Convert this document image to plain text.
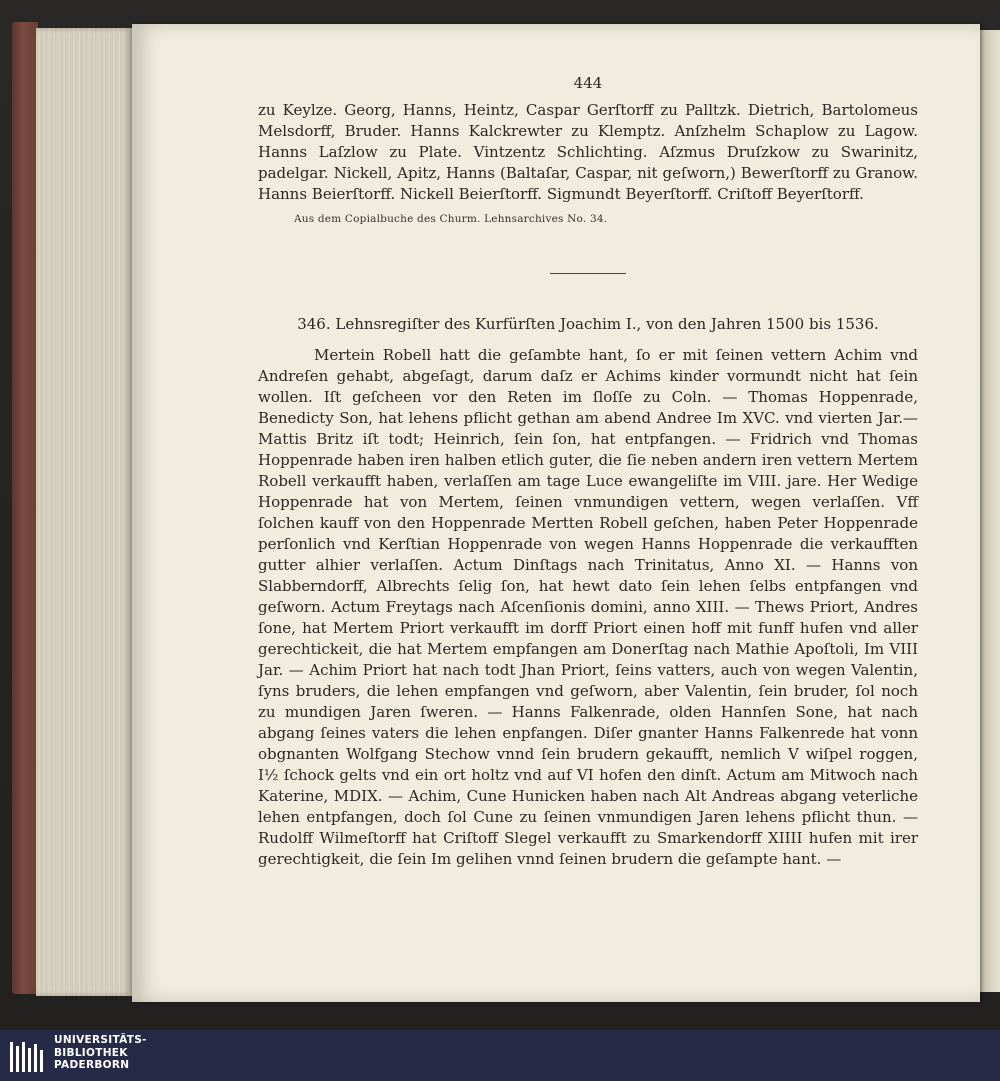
444

zu Keylze. Georg, Hanns, Heintz, Caspar Gerſtorff zu Palltzk. Dietrich, Bartolomeus Melsdorff, Bruder. Hanns Kalckrewter zu Klemptz. Anſzhelm Schaplow zu Lagow. Hanns Laſzlow zu Plate. Vintzentz Schlichting. Aſzmus Druſzkow zu Swarinitz, padelgar. Nickell, Apitz, Hanns (Baltaſar, Caspar, nit geſworn,) Bewerſtorff zu Granow. Hanns Beierſtorff. Nickell Beierſtorff. Sigmundt Beyerſtorff. Criſtoff Beyerſtorff.

Aus dem Copialbuche des Churm. Lehnsarchives No. 34.

346. Lehnsregiſter des Kurfürſten Joachim I., von den Jahren 1500 bis 1536.

Mertein Robell hatt die geſambte hant, ſo er mit ſeinen vettern Achim vnd Andreſen gehabt, abgeſagt, darum daſz er Achims kinder vormundt nicht hat ſein wollen. Iſt geſcheen vor den Reten im ſloſſe zu Coln. — Thomas Hoppenrade, Benedicty Son, hat lehens pflicht gethan am abend Andree Im XVC. vnd vierten Jar.— Mattis Britz iſt todt; Heinrich, ſein ſon, hat entpfangen. — Fridrich vnd Thomas Hoppenrade haben iren halben etlich guter, die ſie neben andern iren vettern Mertem Robell verkaufft haben, verlaſſen am tage Luce ewangeliſte im VIII. jare. Her Wedige Hoppenrade hat von Mertem, ſeinen vnmundigen vettern, wegen verlaſſen. Vff ſolchen kauff von den Hoppenrade Mertten Robell geſchen, haben Peter Hoppenrade perſonlich vnd Kerſtian Hoppenrade von wegen Hanns Hoppenrade die verkaufften gutter alhier verlaſſen. Actum Dinſtags nach Trinitatus, Anno XI. — Hanns von Slabberndorff, Albrechts ſelig ſon, hat hewt dato ſein lehen ſelbs entpfangen vnd geſworn. Actum Freytags nach Aſcenſionis domini, anno XIII. — Thews Priort, Andres ſone, hat Mertem Priort verkaufft im dorff Priort einen hoff mit funff hufen vnd aller gerechtickeit, die hat Mertem empfangen am Donerſtag nach Mathie Apoſtoli, Im VIII Jar. — Achim Priort hat nach todt Jhan Priort, ſeins vatters, auch von wegen Valentin, ſyns bruders, die lehen empfangen vnd geſworn, aber Valentin, ſein bruder, ſol noch zu mundigen Jaren ſweren. — Hanns Falkenrade, olden Hannſen Sone, hat nach abgang ſeines vaters die lehen enpfangen. Diſer gnanter Hanns Falkenrede hat vonn obgnanten Wolfgang Stechow vnnd ſein brudern gekaufft, nemlich V wiſpel roggen, I½ ſchock gelts vnd ein ort holtz vnd auf VI hofen den dinſt. Actum am Mitwoch nach Katerine, MDIX. — Achim, Cune Hunicken haben nach Alt Andreas abgang veterliche lehen entpfangen, doch ſol Cune zu ſeinen vnmundigen Jaren lehens pflicht thun. — Rudolff Wilmeſtorff hat Criſtoff Slegel verkaufft zu Smarkendorff XIIII hufen mit irer gerechtigkeit, die ſein Im gelihen vnnd ſeinen brudern die geſampte hant. —

UNIVERSITÄTS-
BIBLIOTHEK
PADERBORN
